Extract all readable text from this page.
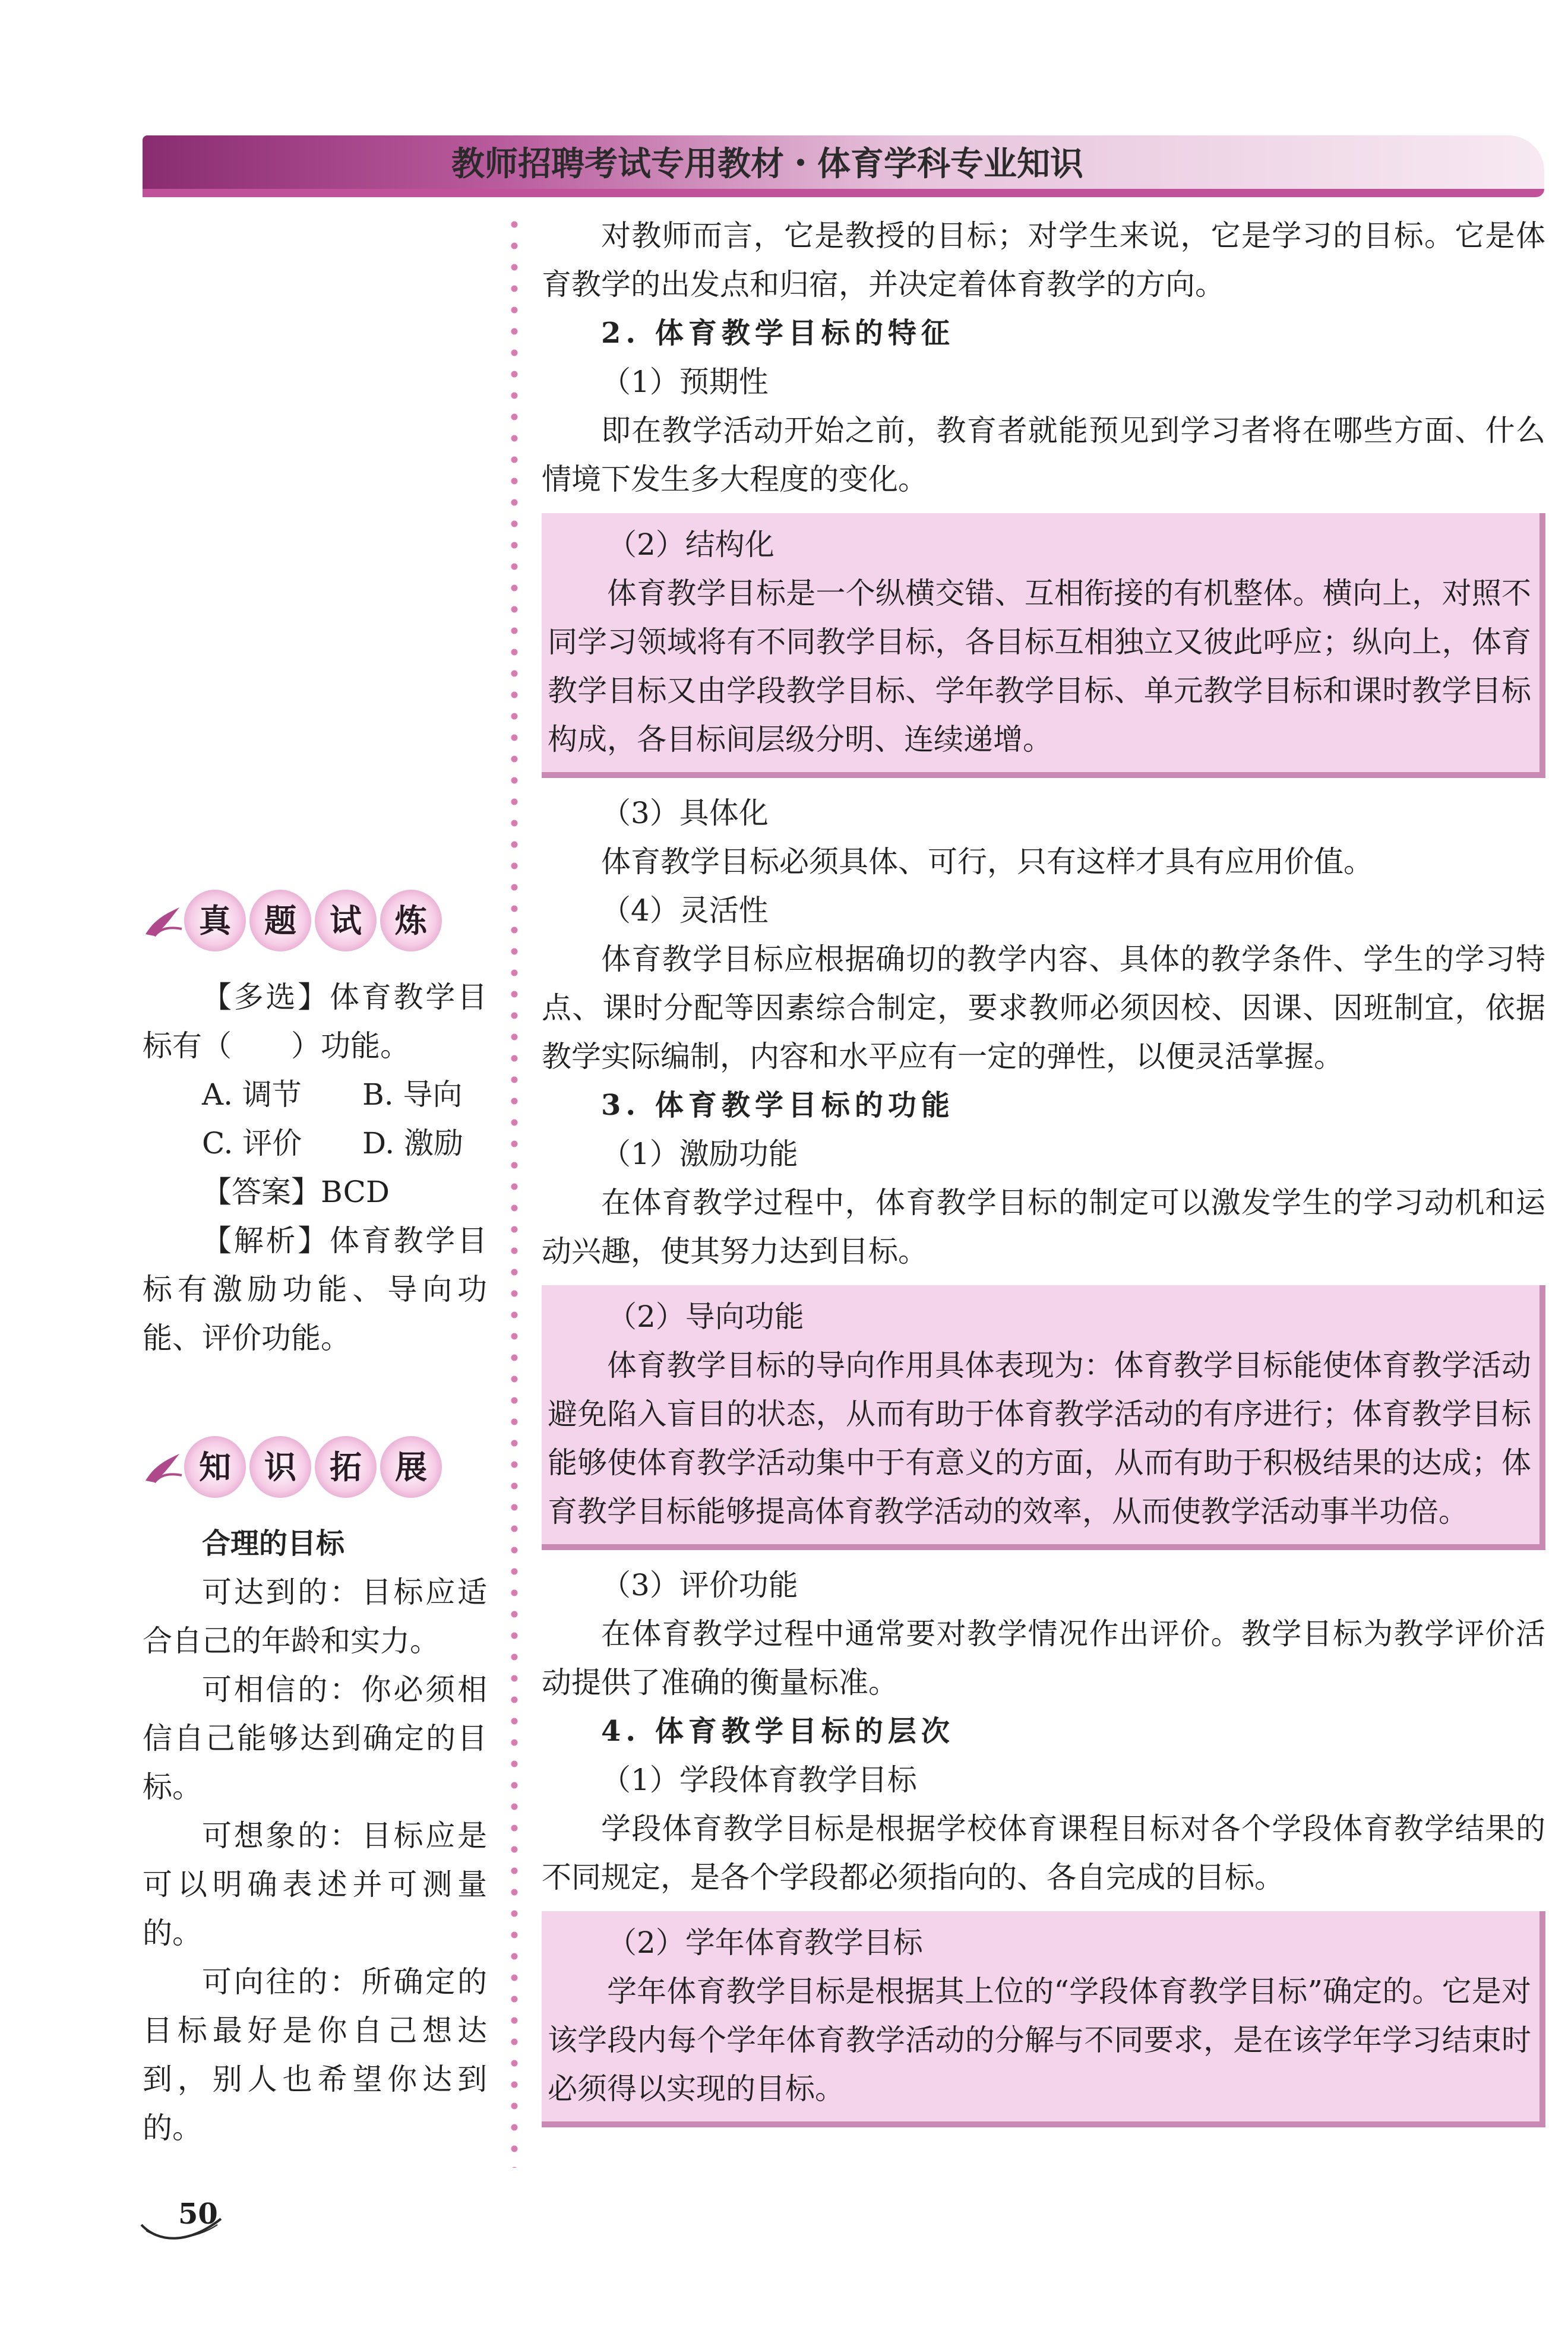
教师招聘考试专用教材・体育学科专业知识
真	题	试	炼

【多选】体育教学目标有（　　）功能。

A. 调节	B. 导向
C. 评价	D. 激励

【答案】BCD

【解析】体育教学目标有激励功能、导向功能、评价功能。

知	识	拓	展

合理的目标

可达到的：目标应适合自己的年龄和实力。

可相信的：你必须相信自己能够达到确定的目标。

可想象的：目标应是可以明确表述并可测量的。

可向往的：所确定的目标最好是你自己想达到，别人也希望你达到的。

对教师而言，它是教授的目标；对学生来说，它是学习的目标。它是体育教学的出发点和归宿，并决定着体育教学的方向。

2. 体育教学目标的特征

（1）预期性

即在教学活动开始之前，教育者就能预见到学习者将在哪些方面、什么情境下发生多大程度的变化。

（2）结构化

体育教学目标是一个纵横交错、互相衔接的有机整体。横向上，对照不同学习领域将有不同教学目标，各目标互相独立又彼此呼应；纵向上，体育教学目标又由学段教学目标、学年教学目标、单元教学目标和课时教学目标构成，各目标间层级分明、连续递增。

（3）具体化

体育教学目标必须具体、可行，只有这样才具有应用价值。

（4）灵活性

体育教学目标应根据确切的教学内容、具体的教学条件、学生的学习特点、课时分配等因素综合制定，要求教师必须因校、因课、因班制宜，依据教学实际编制，内容和水平应有一定的弹性，以便灵活掌握。

3. 体育教学目标的功能

（1）激励功能

在体育教学过程中，体育教学目标的制定可以激发学生的学习动机和运动兴趣，使其努力达到目标。

（2）导向功能

体育教学目标的导向作用具体表现为：体育教学目标能使体育教学活动避免陷入盲目的状态，从而有助于体育教学活动的有序进行；体育教学目标能够使体育教学活动集中于有意义的方面，从而有助于积极结果的达成；体育教学目标能够提高体育教学活动的效率，从而使教学活动事半功倍。

（3）评价功能

在体育教学过程中通常要对教学情况作出评价。教学目标为教学评价活动提供了准确的衡量标准。

4. 体育教学目标的层次

（1）学段体育教学目标

学段体育教学目标是根据学校体育课程目标对各个学段体育教学结果的不同规定，是各个学段都必须指向的、各自完成的目标。

（2）学年体育教学目标

学年体育教学目标是根据其上位的“学段体育教学目标”确定的。它是对该学段内每个学年体育教学活动的分解与不同要求，是在该学年学习结束时必须得以实现的目标。

50
